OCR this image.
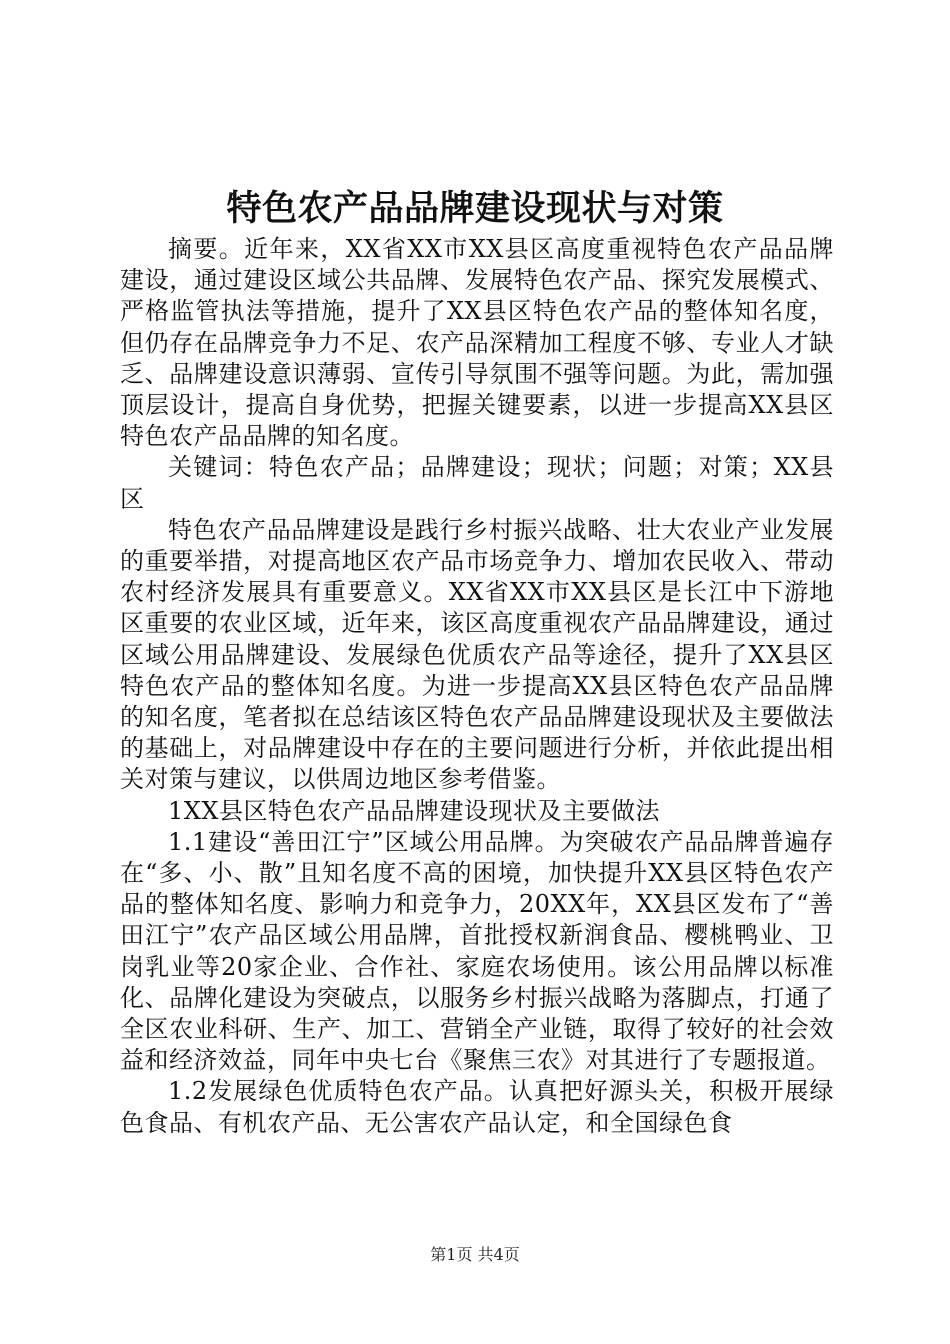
特色农产品品牌建设现状与对策

摘要。近年来，XX省XX市XX县区高度重视特色农产品品牌建设，通过建设区域公共品牌、发展特色农产品、探究发展模式、严格监管执法等措施，提升了XX县区特色农产品的整体知名度，但仍存在品牌竞争力不足、农产品深精加工程度不够、专业人才缺乏、品牌建设意识薄弱、宣传引导氛围不强等问题。为此，需加强顶层设计，提高自身优势，把握关键要素，以进一步提高XX县区特色农产品品牌的知名度。

关键词：特色农产品；品牌建设；现状；问题；对策；XX县区

特色农产品品牌建设是践行乡村振兴战略、壮大农业产业发展的重要举措，对提高地区农产品市场竞争力、增加农民收入、带动农村经济发展具有重要意义。XX省XX市XX县区是长江中下游地区重要的农业区域，近年来，该区高度重视农产品品牌建设，通过区域公用品牌建设、发展绿色优质农产品等途径，提升了XX县区特色农产品的整体知名度。为进一步提高XX县区特色农产品品牌的知名度，笔者拟在总结该区特色农产品品牌建设现状及主要做法的基础上，对品牌建设中存在的主要问题进行分析，并依此提出相关对策与建议，以供周边地区参考借鉴。

1XX县区特色农产品品牌建设现状及主要做法

1.1建设“善田江宁”区域公用品牌。为突破农产品品牌普遍存在“多、小、散”且知名度不高的困境，加快提升XX县区特色农产品的整体知名度、影响力和竞争力，20XX年，XX县区发布了“善田江宁”农产品区域公用品牌，首批授权新润食品、樱桃鸭业、卫岗乳业等20家企业、合作社、家庭农场使用。该公用品牌以标准化、品牌化建设为突破点，以服务乡村振兴战略为落脚点，打通了全区农业科研、生产、加工、营销全产业链，取得了较好的社会效益和经济效益，同年中央七台《聚焦三农》对其进行了专题报道。

1.2发展绿色优质特色农产品。认真把好源头关，积极开展绿色食品、有机农产品、无公害农产品认定，和全国绿色食

第1页 共4页
